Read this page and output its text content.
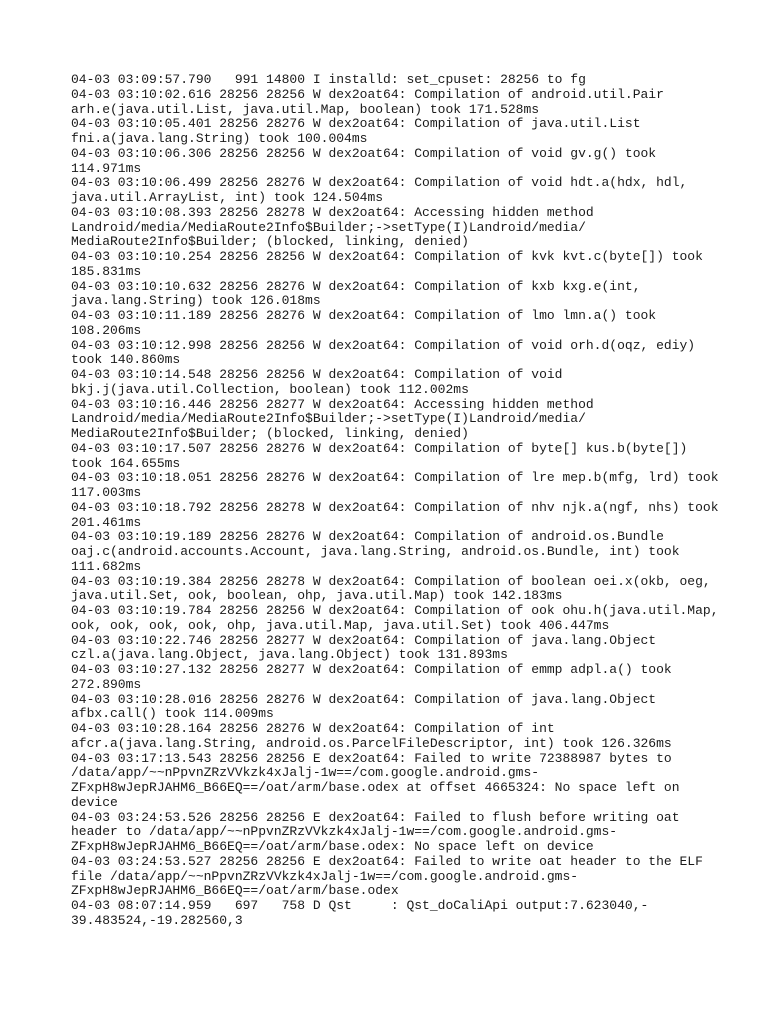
04-03 03:09:57.790   991 14800 I installd: set_cpuset: 28256 to fg
04-03 03:10:02.616 28256 28256 W dex2oat64: Compilation of android.util.Pair
arh.e(java.util.List, java.util.Map, boolean) took 171.528ms
04-03 03:10:05.401 28256 28276 W dex2oat64: Compilation of java.util.List
fni.a(java.lang.String) took 100.004ms
04-03 03:10:06.306 28256 28256 W dex2oat64: Compilation of void gv.g() took
114.971ms
04-03 03:10:06.499 28256 28276 W dex2oat64: Compilation of void hdt.a(hdx, hdl,
java.util.ArrayList, int) took 124.504ms
04-03 03:10:08.393 28256 28278 W dex2oat64: Accessing hidden method
Landroid/media/MediaRoute2Info$Builder;->setType(I)Landroid/media/
MediaRoute2Info$Builder; (blocked, linking, denied)
04-03 03:10:10.254 28256 28256 W dex2oat64: Compilation of kvk kvt.c(byte[]) took
185.831ms
04-03 03:10:10.632 28256 28276 W dex2oat64: Compilation of kxb kxg.e(int,
java.lang.String) took 126.018ms
04-03 03:10:11.189 28256 28276 W dex2oat64: Compilation of lmo lmn.a() took
108.206ms
04-03 03:10:12.998 28256 28256 W dex2oat64: Compilation of void orh.d(oqz, ediy)
took 140.860ms
04-03 03:10:14.548 28256 28256 W dex2oat64: Compilation of void
bkj.j(java.util.Collection, boolean) took 112.002ms
04-03 03:10:16.446 28256 28277 W dex2oat64: Accessing hidden method
Landroid/media/MediaRoute2Info$Builder;->setType(I)Landroid/media/
MediaRoute2Info$Builder; (blocked, linking, denied)
04-03 03:10:17.507 28256 28276 W dex2oat64: Compilation of byte[] kus.b(byte[])
took 164.655ms
04-03 03:10:18.051 28256 28276 W dex2oat64: Compilation of lre mep.b(mfg, lrd) took
117.003ms
04-03 03:10:18.792 28256 28278 W dex2oat64: Compilation of nhv njk.a(ngf, nhs) took
201.461ms
04-03 03:10:19.189 28256 28276 W dex2oat64: Compilation of android.os.Bundle
oaj.c(android.accounts.Account, java.lang.String, android.os.Bundle, int) took
111.682ms
04-03 03:10:19.384 28256 28278 W dex2oat64: Compilation of boolean oei.x(okb, oeg,
java.util.Set, ook, boolean, ohp, java.util.Map) took 142.183ms
04-03 03:10:19.784 28256 28256 W dex2oat64: Compilation of ook ohu.h(java.util.Map,
ook, ook, ook, ook, ohp, java.util.Map, java.util.Set) took 406.447ms
04-03 03:10:22.746 28256 28277 W dex2oat64: Compilation of java.lang.Object
czl.a(java.lang.Object, java.lang.Object) took 131.893ms
04-03 03:10:27.132 28256 28277 W dex2oat64: Compilation of emmp adpl.a() took
272.890ms
04-03 03:10:28.016 28256 28276 W dex2oat64: Compilation of java.lang.Object
afbx.call() took 114.009ms
04-03 03:10:28.164 28256 28276 W dex2oat64: Compilation of int
afcr.a(java.lang.String, android.os.ParcelFileDescriptor, int) took 126.326ms
04-03 03:17:13.543 28256 28256 E dex2oat64: Failed to write 72388987 bytes to
/data/app/~~nPpvnZRzVVkzk4xJalj-1w==/com.google.android.gms-
ZFxpH8wJepRJAHM6_B66EQ==/oat/arm/base.odex at offset 4665324: No space left on
device
04-03 03:24:53.526 28256 28256 E dex2oat64: Failed to flush before writing oat
header to /data/app/~~nPpvnZRzVVkzk4xJalj-1w==/com.google.android.gms-
ZFxpH8wJepRJAHM6_B66EQ==/oat/arm/base.odex: No space left on device
04-03 03:24:53.527 28256 28256 E dex2oat64: Failed to write oat header to the ELF
file /data/app/~~nPpvnZRzVVkzk4xJalj-1w==/com.google.android.gms-
ZFxpH8wJepRJAHM6_B66EQ==/oat/arm/base.odex
04-03 08:07:14.959   697   758 D Qst     : Qst_doCaliApi output:7.623040,-
39.483524,-19.282560,3
